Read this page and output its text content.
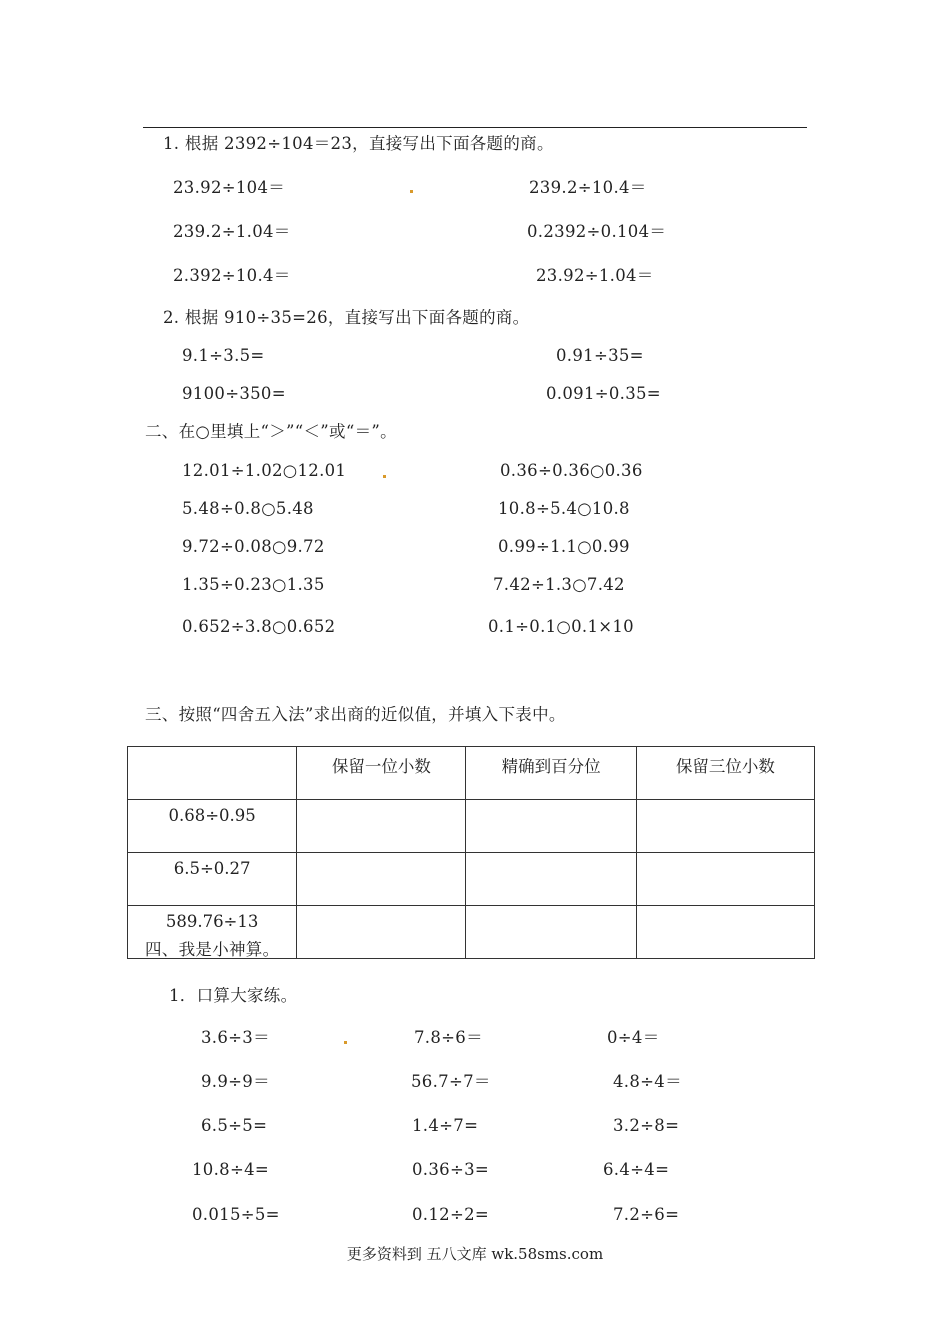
1. 根据 2392÷104＝23，直接写出下面各题的商。
23.92÷104＝	239.2÷10.4＝
239.2÷1.04＝	0.2392÷0.104＝
2.392÷10.4＝	23.92÷1.04＝
2. 根据 910÷35=26，直接写出下面各题的商。
9.1÷3.5=	0.91÷35=
9100÷350=	0.091÷0.35=
二、在○里填上“＞”“＜”或“＝”。
12.01÷1.02○12.01	0.36÷0.36○0.36
5.48÷0.8○5.48	10.8÷5.4○10.8
9.72÷0.08○9.72	0.99÷1.1○0.99
1.35÷0.23○1.35	7.42÷1.3○7.42
0.652÷3.8○0.652	0.1÷0.1○0.1×10
三、按照“四舍五入法”求出商的近似值，并填入下表中。
	保留一位小数	精确到百分位	保留三位小数
0.68÷0.95			
6.5÷0.27			
589.76÷13			
四、我是小神算。
1．口算大家练。
3.6÷3＝	7.8÷6＝	0÷4＝
9.9÷9＝	56.7÷7＝	4.8÷4＝
6.5÷5=	1.4÷7=	3.2÷8=
10.8÷4=	0.36÷3=	6.4÷4=
0.015÷5=	0.12÷2=	7.2÷6=
更多资料到 五八文库 wk.58sms.com
